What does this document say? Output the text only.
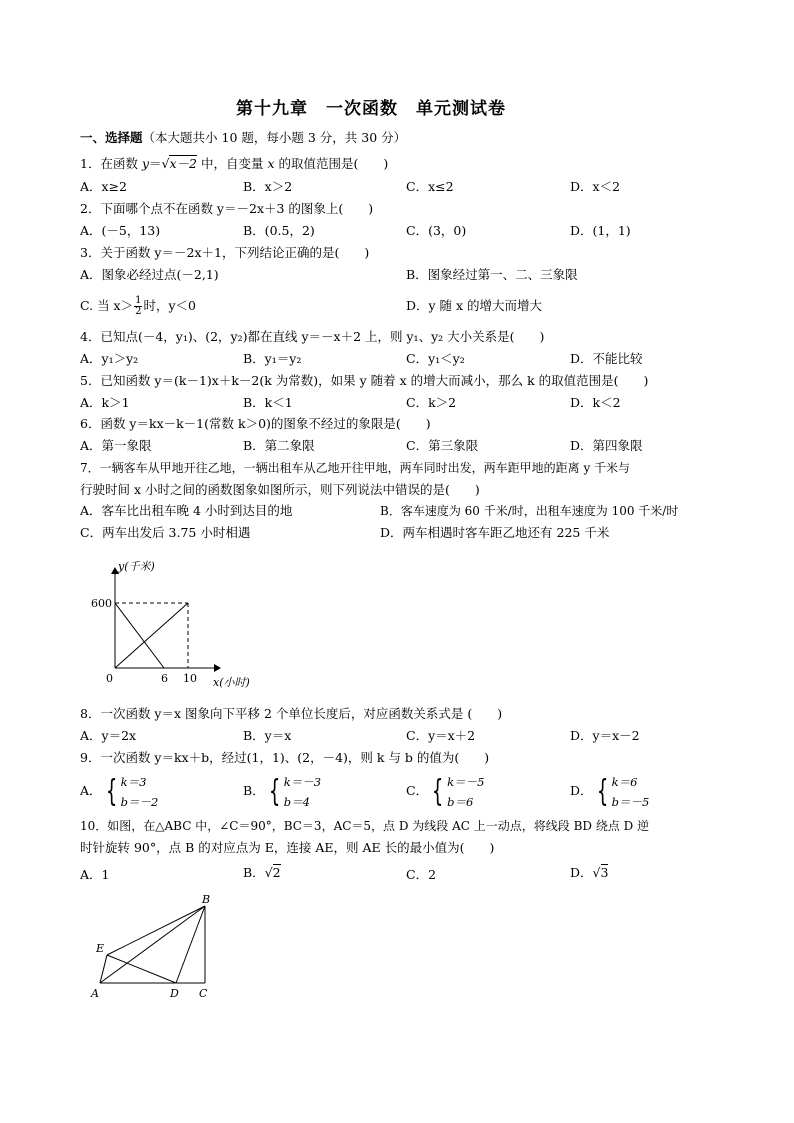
第十九章　一次函数　单元测试卷
一、选择题（本大题共小 10 题，每小题 3 分，共 30 分）
1．在函数 y＝√x－2 中，自变量 x 的取值范围是(　　)
A．x≥2	B．x＞2	C．x≤2	D．x＜2
2．下面哪个点不在函数 y＝－2x＋3 的图象上(　　)
A．(－5，13)	B．(0.5，2)	C．(3，0)	D．(1，1)
3．关于函数 y＝－2x＋1，下列结论正确的是(　　)
A．图象必经过点(－2,1)	B．图象经过第一、二、三象限
C. 当 $x> \frac{1}{2}$ 时，y＜0	D．y 随 x 的增大而增大
4．已知点(－4，y₁)、(2，y₂)都在直线 y＝－x＋2 上，则 y₁、y₂ 大小关系是(　　)
A．y₁＞y₂	B．y₁＝y₂	C．y₁＜y₂	D．不能比较
5．已知函数 y＝(k－1)x＋k－2(k 为常数)，如果 y 随着 x 的增大而减小，那么 k 的取值范围是(　　)
A．k＞1	B．k＜1	C．k＞2	D．k＜2
6．函数 y＝kx－k－1(常数 k＞0)的图象不经过的象限是(　　)
A．第一象限	B．第二象限	C．第三象限	D．第四象限
7．一辆客车从甲地开往乙地，一辆出租车从乙地开往甲地，两车同时出发，两车距甲地的距离 y 千米与
行驶时间 x 小时之间的函数图象如图所示，则下列说法中错误的是(　　)
A．客车比出租车晚 4 小时到达目的地	B．客车速度为 60 千米/时，出租车速度为 100 千米/时
C．两车出发后 3.75 小时相遇	D．两车相遇时客车距乙地还有 225 千米
y(千米)
600
0	6 10 x(小时)
8．一次函数 y＝x 图象向下平移 2 个单位长度后，对应函数关系式是 (　　)
A．y＝2x	B．y＝x	C．y＝x＋2	D．y＝x－2
9．一次函数 y＝kx＋b，经过(1，1)、(2，－4)，则 k 与 b 的值为(　　)
A． { k＝3
b＝－2
B． { k＝－3
b＝4
C． { k＝－5
b＝6
D． { k＝6
b＝－5
10．如图，在△ABC 中，∠C＝90°，BC＝3，AC＝5，点 D 为线段 AC 上一动点，将线段 BD 绕点 D 逆
时针旋转 90°，点 B 的对应点为 E，连接 AE，则 AE 长的最小值为(　　)
A．1	B．√2	C．2	D．√3
B
E
A	D C
